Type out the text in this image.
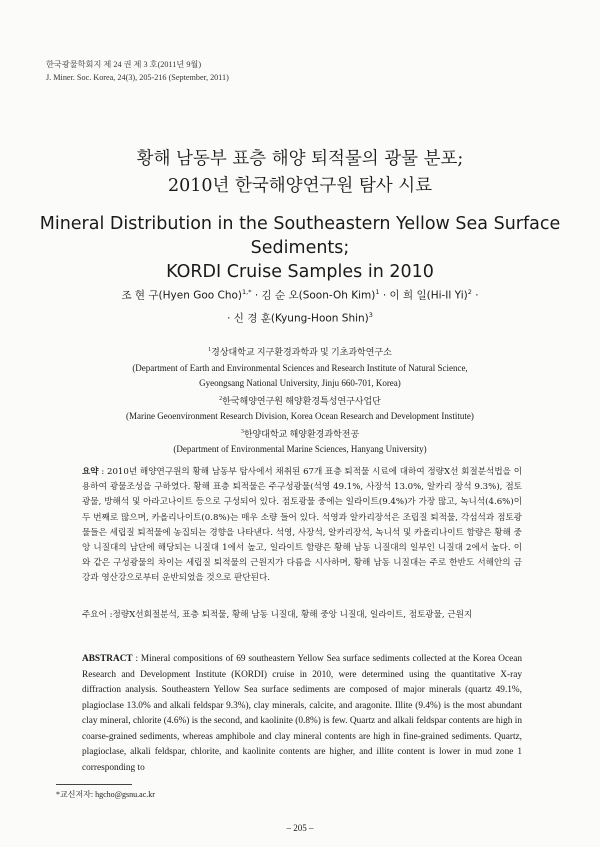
한국광물학회지 제 24 권 제 3 호(2011년 9월)
J. Miner. Soc. Korea, 24(3), 205-216 (September, 2011)
황해 남동부 표층 해양 퇴적물의 광물 분포;
2010년 한국해양연구원 탐사 시료
Mineral Distribution in the Southeastern Yellow Sea Surface Sediments;
KORDI Cruise Samples in 2010
조 현 구(Hyen Goo Cho)$^{1,*}$ · 김 순 오(Soon-Oh Kim)$^1$ · 이 희 일(Hi-Il Yi)$^2$ ·
· 신 경 훈(Kyung-Hoon Shin)$^3$
$^1$경상대학교 지구환경과학과 및 기초과학연구소
(Department of Earth and Environmental Sciences and Research Institute of Natural Science,
Gyeongsang National University, Jinju 660-701, Korea)
$^2$한국해양연구원 해양환경특성연구사업단
(Marine Geoenvironment Research Division, Korea Ocean Research and Development Institute)
$^3$한양대학교 해양환경과학전공
(Department of Environmental Marine Sciences, Hanyang University)
요약 : 2010년 해양연구원의 황해 남동부 탐사에서 채취된 67개 표층 퇴적물 시료에 대하여 정량X선 회절분석법을 이용하여 광물조성을 구하였다. 황해 표층 퇴적물은 주구성광물(석영 49.1%, 사장석 13.0%, 알카리 장석 9.3%), 점토광물, 방해석 및 아라고나이트 등으로 구성되어 있다. 점토광물 중에는 일라이트(9.4%)가 가장 많고, 녹니석(4.6%)이 두 번째로 많으며, 카올리나이트(0.8%)는 매우 소량 들어 있다. 석영과 알카리장석은 조립질 퇴적물, 각섬석과 점토광물들은 세립질 퇴적물에 농집되는 경향을 나타낸다. 석영, 사장석, 알카리장석, 녹니석 및 카올리나이트 함량은 황해 중앙 니질대의 남단에 해당되는 니질대 1에서 높고, 일라이트 함량은 황해 남동 니질대의 일부인 니질대 2에서 높다. 이와 같은 구성광물의 차이는 세립질 퇴적물의 근원지가 다름을 시사하며, 황해 남동 니질대는 주로 한반도 서해안의 금강과 영산강으로부터 운반되었을 것으로 판단된다.
주요어 : 정량X선회절분석, 표층 퇴적물, 황해 남동 니질대, 황해 중앙 니질대, 일라이트, 점토광물, 근원지
ABSTRACT : Mineral compositions of 69 southeastern Yellow Sea surface sediments collected at the Korea Ocean Research and Development Institute (KORDI) cruise in 2010, were determined using the quantitative X-ray diffraction analysis. Southeastern Yellow Sea surface sediments are composed of major minerals (quartz 49.1%, plagioclase 13.0% and alkali feldspar 9.3%), clay minerals, calcite, and aragonite. Illite (9.4%) is the most abundant clay mineral, chlorite (4.6%) is the second, and kaolinite (0.8%) is few. Quartz and alkali feldspar contents are high in coarse-grained sediments, whereas amphibole and clay mineral contents are high in fine-grained sediments. Quartz, plagioclase, alkali feldspar, chlorite, and kaolinite contents are higher, and illite content is lower in mud zone 1 corresponding to
*교신저자: hgcho@gsnu.ac.kr
– 205 –
